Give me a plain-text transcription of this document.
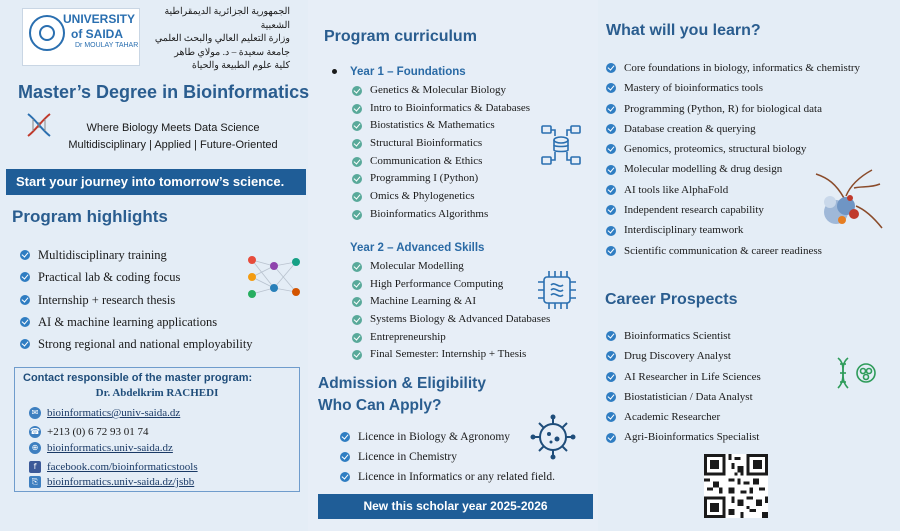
UNIVERSITY
of SAIDA
Dr MOULAY TAHAR
الجمهورية الجزائرية الديمقراطية الشعبية
وزارة التعليم العالي والبحث العلمي
جامعة سعيدة – د. مولاي طاهر
كلية علوم الطبيعة والحياة
Master’s Degree in Bioinformatics
Where Biology Meets Data Science
Multidisciplinary | Applied | Future-Oriented
Start your journey into tomorrow’s science.
Program highlights
Multidisciplinary training
Practical lab & coding focus
Internship + research thesis
AI & machine learning applications
Strong regional and national employability
Contact responsible of the master program:
Dr. Abdelkrim RACHEDI
✉ bioinformatics@univ-saida.dz
☎ +213 (0) 6 72 93 01 74
⊕ bioinformatics.univ-saida.dz
f facebook.com/bioinformaticstools
⎘ bioinformatics.univ-saida.dz/jsbb
Program curriculum
Year 1 – Foundations
Genetics & Molecular Biology
Intro to Bioinformatics & Databases
Biostatistics & Mathematics
Structural Bioinformatics
Communication & Ethics
Programming I (Python)
Omics & Phylogenetics
Bioinformatics Algorithms
Year 2 – Advanced Skills
Molecular Modelling
High Performance Computing
Machine Learning & AI
Systems Biology & Advanced Databases
Entrepreneurship
Final Semester: Internship + Thesis
Admission & Eligibility
Who Can Apply?
Licence in Biology & Agronomy
Licence in Chemistry
Licence in Informatics or any related field.
New this scholar year 2025-2026
What will you learn?
Core foundations in biology, informatics & chemistry
Mastery of bioinformatics tools
Programming (Python, R) for biological data
Database creation & querying
Genomics, proteomics, structural biology
Molecular modelling & drug design
AI tools like AlphaFold
Independent research capability
Interdisciplinary teamwork
Scientific communication & career readiness
Career Prospects
Bioinformatics Scientist
Drug Discovery Analyst
AI Researcher in Life Sciences
Biostatistician / Data Analyst
Academic Researcher
Agri-Bioinformatics Specialist
